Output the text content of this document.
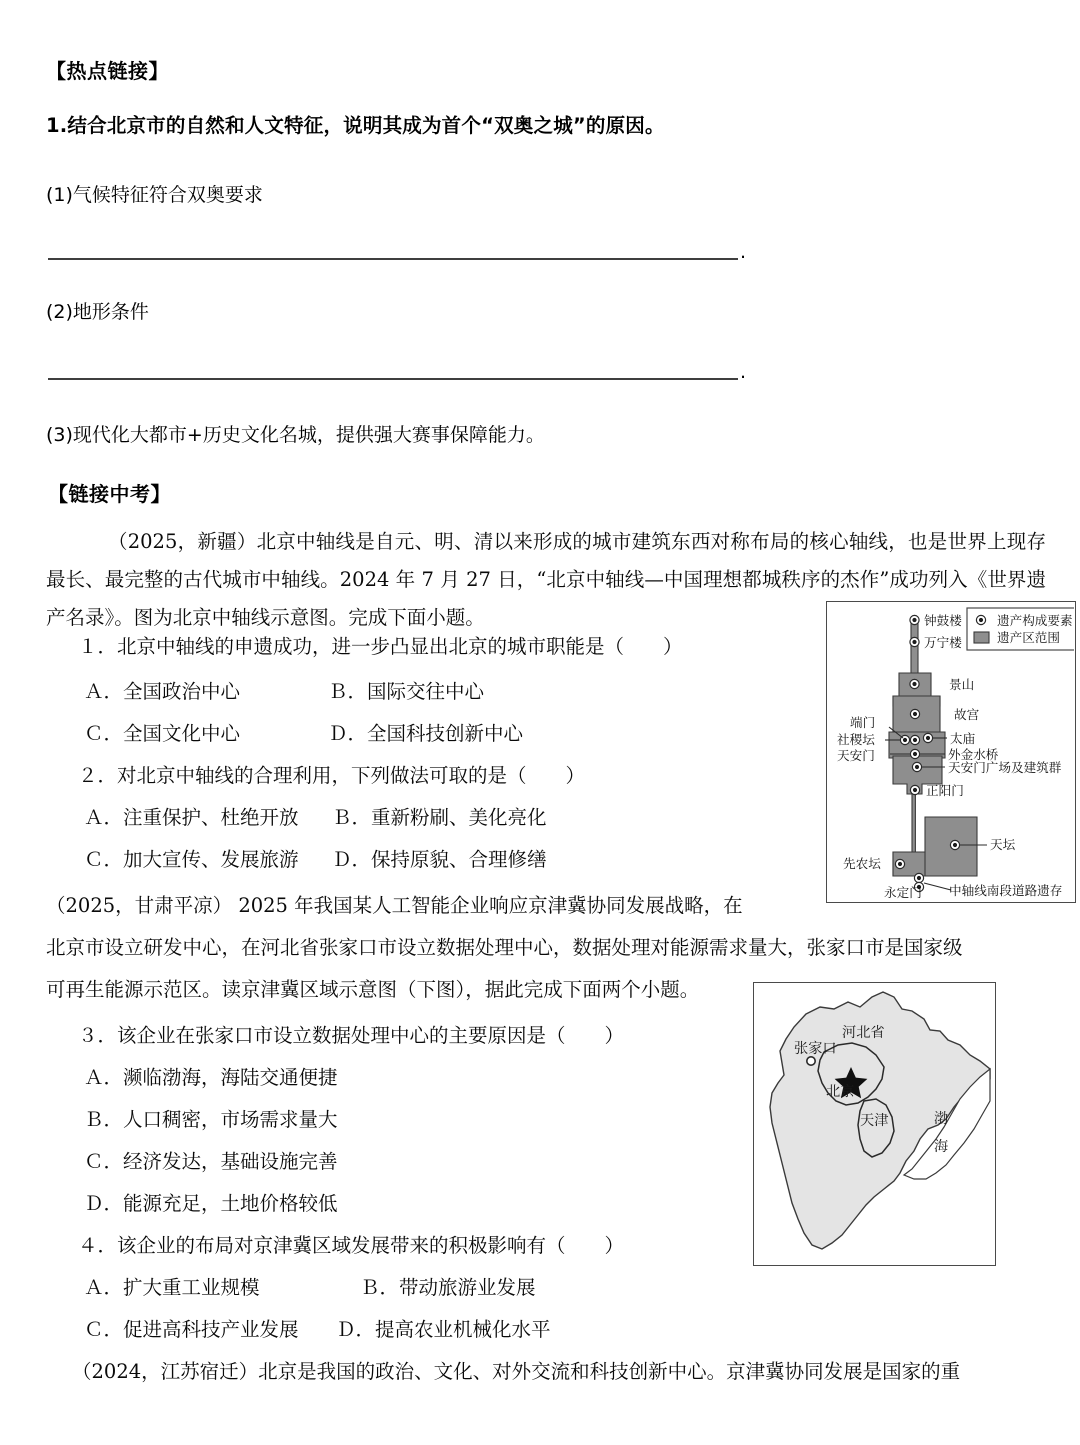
【热点链接】
1.结合北京市的自然和人文特征，说明其成为首个“双奥之城”的原因。
(1)气候特征符合双奥要求
.
(2)地形条件
.
(3)现代化大都市+历史文化名城，提供强大赛事保障能力。
【链接中考】
（2025，新疆）北京中轴线是自元、明、清以来形成的城市建筑东西对称布局的核心轴线，也是世界上现存最长、最完整的古代城市中轴线。2024 年 7 月 27 日，“北京中轴线—中国理想都城秩序的杰作”成功列入《世界遗产名录》。图为北京中轴线示意图。完成下面小题。
１．北京中轴线的申遗成功，进一步凸显出北京的城市职能是（　　）
Ａ．全国政治中心	Ｂ．国际交往中心
Ｃ．全国文化中心	Ｄ．全国科技创新中心
２．对北京中轴线的合理利用，下列做法可取的是（　　）
Ａ．注重保护、杜绝开放 Ｂ．重新粉刷、美化亮化
Ｃ．加大宣传、发展旅游 Ｄ．保持原貌、合理修缮
（2025，甘肃平凉） 2025 年我国某人工智能企业响应京津冀协同发展战略，在
北京市设立研发中心，在河北省张家口市设立数据处理中心，数据处理对能源需求量大，张家口市是国家级
可再生能源示范区。读京津冀区域示意图（下图），据此完成下面两个小题。
３．该企业在张家口市设立数据处理中心的主要原因是（　　）
Ａ．濒临渤海，海陆交通便捷
Ｂ．人口稠密，市场需求量大
Ｃ．经济发达，基础设施完善
Ｄ．能源充足，土地价格较低
４．该企业的布局对京津冀区域发展带来的积极影响有（　　）
Ａ．扩大重工业规模	Ｂ．带动旅游业发展
Ｃ．促进高科技产业发展 Ｄ．提高农业机械化水平
（2024，江苏宿迁）北京是我国的政治、文化、对外交流和科技创新中心。京津冀协同发展是国家的重
钟鼓楼
万宁楼
景山
故宫
端门
社稷坛
天安门
太庙
外金水桥
天安门广场及建筑群
正阳门
天坛
先农坛
永定门 中轴线南段道路遗存
遗产构成要素
遗产区范围
河北省
张家口
北京
天津	渤
海
